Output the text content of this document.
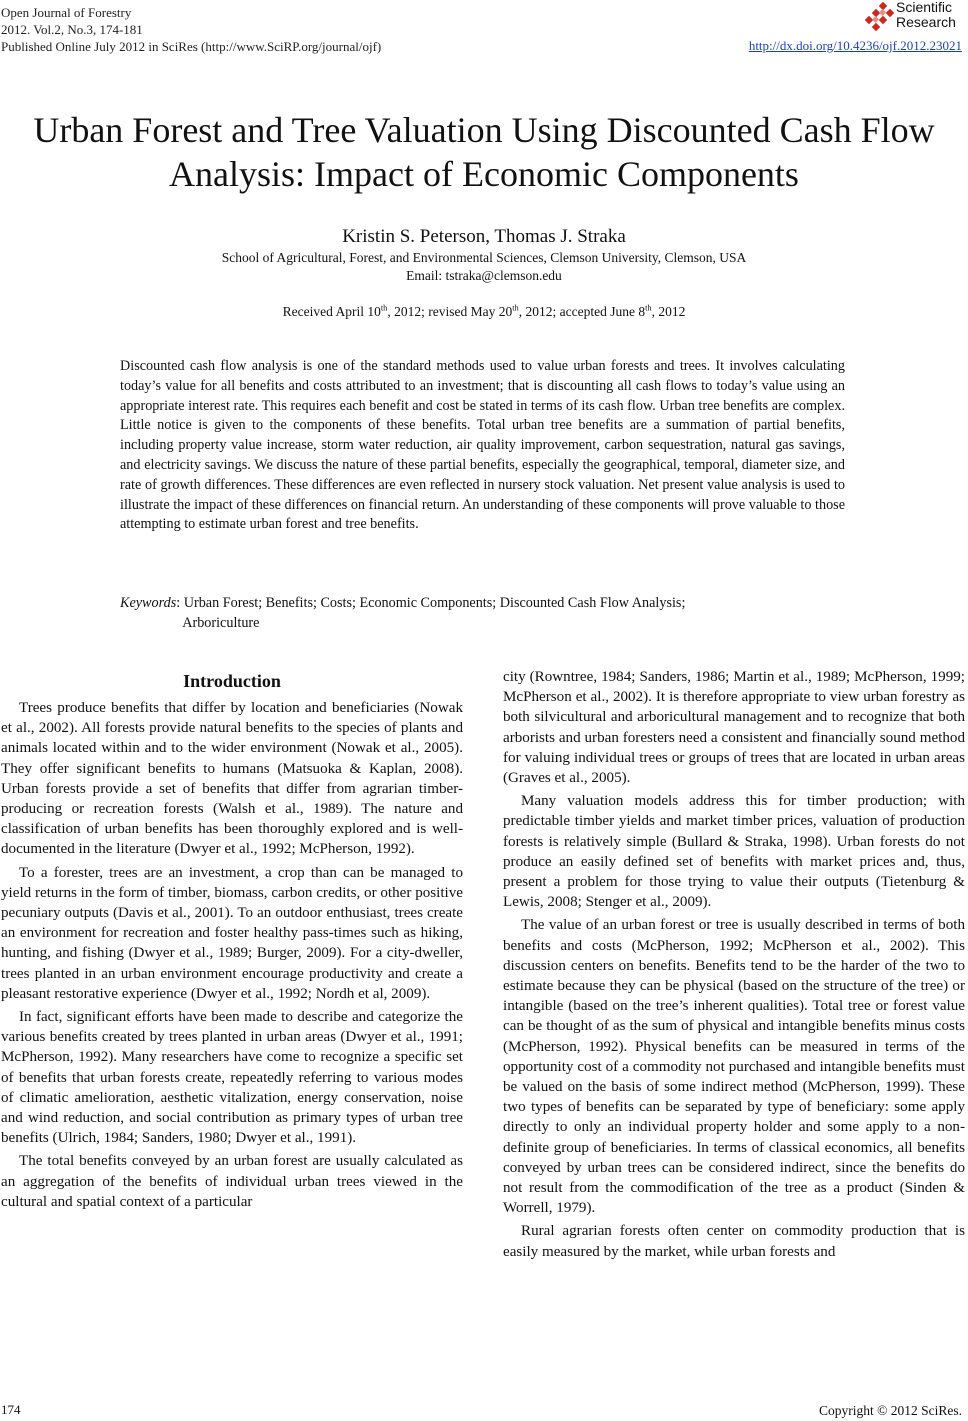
Open Journal of Forestry
2012. Vol.2, No.3, 174-181
Published Online July 2012 in SciRes (http://www.SciRP.org/journal/ojf)
Scientific
Research
http://dx.doi.org/10.4236/ojf.2012.23021
Urban Forest and Tree Valuation Using Discounted Cash Flow
Analysis: Impact of Economic Components
Kristin S. Peterson, Thomas J. Straka
School of Agricultural, Forest, and Environmental Sciences, Clemson University, Clemson, USA
Email: tstraka@clemson.edu
Received April 10th, 2012; revised May 20th, 2012; accepted June 8th, 2012
Discounted cash flow analysis is one of the standard methods used to value urban forests and trees. It involves calculating today’s value for all benefits and costs attributed to an investment; that is discounting all cash flows to today’s value using an appropriate interest rate. This requires each benefit and cost be stated in terms of its cash flow. Urban tree benefits are complex. Little notice is given to the components of these benefits. Total urban tree benefits are a summation of partial benefits, including property value increase, storm water reduction, air quality improvement, carbon sequestration, natural gas savings, and electricity savings. We discuss the nature of these partial benefits, especially the geographical, temporal, diameter size, and rate of growth differences. These differences are even reflected in nursery stock valuation. Net present value analysis is used to illustrate the impact of these differences on financial return. An understanding of these components will prove valuable to those attempting to estimate urban forest and tree benefits.
Keywords : Urban Forest; Benefits; Costs; Economic Components; Discounted Cash Flow Analysis;
Arboriculture
Introduction

Trees produce benefits that differ by location and beneficiaries (Nowak et al., 2002). All forests provide natural benefits to the species of plants and animals located within and to the wider environment (Nowak et al., 2005). They offer significant benefits to humans (Matsuoka & Kaplan, 2008). Urban forests provide a set of benefits that differ from agrarian timber-producing or recreation forests (Walsh et al., 1989). The nature and classification of urban benefits has been thoroughly explored and is well-documented in the literature (Dwyer et al., 1992; McPherson, 1992).

To a forester, trees are an investment, a crop than can be managed to yield returns in the form of timber, biomass, carbon credits, or other positive pecuniary outputs (Davis et al., 2001). To an outdoor enthusiast, trees create an environment for recreation and foster healthy pass-times such as hiking, hunting, and fishing (Dwyer et al., 1989; Burger, 2009). For a city-dweller, trees planted in an urban environment encourage productivity and create a pleasant restorative experience (Dwyer et al., 1992; Nordh et al, 2009).

In fact, significant efforts have been made to describe and categorize the various benefits created by trees planted in urban areas (Dwyer et al., 1991; McPherson, 1992). Many researchers have come to recognize a specific set of benefits that urban forests create, repeatedly referring to various modes of climatic amelioration, aesthetic vitalization, energy conservation, noise and wind reduction, and social contribution as primary types of urban tree benefits (Ulrich, 1984; Sanders, 1980; Dwyer et al., 1991).

The total benefits conveyed by an urban forest are usually calculated as an aggregation of the benefits of individual urban trees viewed in the cultural and spatial context of a particular

city (Rowntree, 1984; Sanders, 1986; Martin et al., 1989; McPherson, 1999; McPherson et al., 2002). It is therefore appropriate to view urban forestry as both silvicultural and arboricultural management and to recognize that both arborists and urban foresters need a consistent and financially sound method for valuing individual trees or groups of trees that are located in urban areas (Graves et al., 2005).

Many valuation models address this for timber production; with predictable timber yields and market timber prices, valuation of production forests is relatively simple (Bullard & Straka, 1998). Urban forests do not produce an easily defined set of benefits with market prices and, thus, present a problem for those trying to value their outputs (Tietenburg & Lewis, 2008; Stenger et al., 2009).

The value of an urban forest or tree is usually described in terms of both benefits and costs (McPherson, 1992; McPherson et al., 2002). This discussion centers on benefits. Benefits tend to be the harder of the two to estimate because they can be physical (based on the structure of the tree) or intangible (based on the tree’s inherent qualities). Total tree or forest value can be thought of as the sum of physical and intangible benefits minus costs (McPherson, 1992). Physical benefits can be measured in terms of the opportunity cost of a commodity not purchased and intangible benefits must be valued on the basis of some indirect method (McPherson, 1999). These two types of benefits can be separated by type of beneficiary: some apply directly to only an individual property holder and some apply to a non-definite group of beneficiaries. In terms of classical economics, all benefits conveyed by urban trees can be considered indirect, since the benefits do not result from the commodification of the tree as a product (Sinden & Worrell, 1979).

Rural agrarian forests often center on commodity production that is easily measured by the market, while urban forests and

174	Copyright © 2012 SciRes.
